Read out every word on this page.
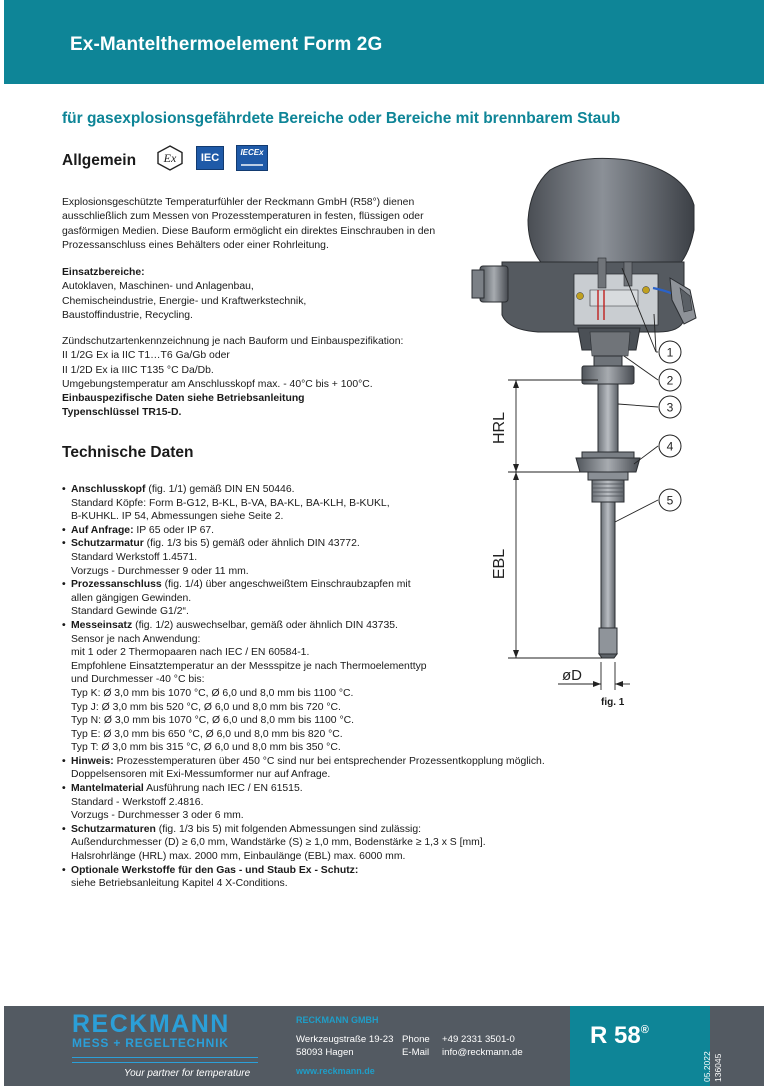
Ex-Mantelthermoelement Form 2G
für gasexplosionsgefährdete Bereiche oder Bereiche mit brennbarem Staub
Allgemein Ex	IEC	IECEx

Explosionsgeschützte Temperaturfühler der Reckmann GmbH (R58°) dienen

ausschließlich zum Messen von Prozesstemperaturen in festen, flüssigen oder

gasförmigen Medien. Diese Bauform ermöglicht ein direktes Einschrauben in den

Prozessanschluss eines Behälters oder einer Rohrleitung.

Einsatzbereiche:

Autoklaven, Maschinen- und Anlagenbau,

Chemischeindustrie, Energie- und Kraftwerkstechnik,

Baustoffindustrie, Recycling.

Zündschutzartenkennzeichnung je nach Bauform und Einbauspezifikation:

II 1/2G Ex ia IIC T1…T6 Ga/Gb oder

II 1/2D Ex ia IIIC T135 °C Da/Db.

Umgebungstemperatur am Anschlusskopf max. - 40°C bis + 100°C.

Einbauspezifische Daten siehe Betriebsanleitung

Typenschlüssel TR15-D.

Technische Daten
• Anschlusskopf (fig. 1/1) gemäß DIN EN 50446.
Standard Köpfe: Form B-G12, B-KL, B-VA, BA-KL, BA-KLH, B-KUKL,
B-KUHKL. IP 54, Abmessungen siehe Seite 2.
• Auf Anfrage: IP 65 oder IP 67.
• Schutzarmatur (fig. 1/3 bis 5) gemäß oder ähnlich DIN 43772.
Standard Werkstoff 1.4571.
Vorzugs - Durchmesser 9 oder 11 mm.
• Prozessanschluss (fig. 1/4) über angeschweißtem Einschraubzapfen mit
allen gängigen Gewinden.
Standard Gewinde G1/2“.
• Messeinsatz (fig. 1/2) auswechselbar, gemäß oder ähnlich DIN 43735.
Sensor je nach Anwendung:
mit 1 oder 2 Thermopaaren nach IEC / EN 60584-1.
Empfohlene Einsatztemperatur an der Messspitze je nach Thermoelementtyp
und Durchmesser -40 °C bis:
Typ K: Ø 3,0 mm bis 1070 °C, Ø 6,0 und 8,0 mm bis 1100 °C.
Typ J: Ø 3,0 mm bis 520 °C, Ø 6,0 und 8,0 mm bis 720 °C.
Typ N: Ø 3,0 mm bis 1070 °C, Ø 6,0 und 8,0 mm bis 1100 °C.
Typ E: Ø 3,0 mm bis 650 °C, Ø 6,0 und 8,0 mm bis 820 °C.
Typ T: Ø 3,0 mm bis 315 °C, Ø 6,0 und 8,0 mm bis 350 °C.
• Hinweis: Prozesstemperaturen über 450 °C sind nur bei entsprechender Prozessentkopplung möglich.
Doppelsensoren mit Exi-Messumformer nur auf Anfrage.
• Mantelmaterial Ausführung nach IEC / EN 61515.
Standard - Werkstoff 2.4816.
Vorzugs - Durchmesser 3 oder 6 mm.
• Schutzarmaturen (fig. 1/3 bis 5) mit folgenden Abmessungen sind zulässig:
Außendurchmesser (D) ≥ 6,0 mm, Wandstärke (S) ≥ 1,0 mm, Bodenstärke ≥ 1,3 x S [mm].
Halsrohrlänge (HRL) max. 2000 mm, Einbaulänge (EBL) max. 6000 mm.
• Optionale Werkstoffe für den Gas - und Staub Ex - Schutz:
siehe Betriebsanleitung Kapitel 4 X-Conditions.
HRL
EBL
øD
1
2
3
4
5
fig. 1
RECKMANN
MESS + REGELTECHNIK
Your partner for temperature
RECKMANN GMBH
Werkzeugstraße 19-23
58093 Hagen
Phone +49 2331 3501-0
E-Mail info@reckmann.de
www.reckmann.de
R 58®
05.2022 136045
